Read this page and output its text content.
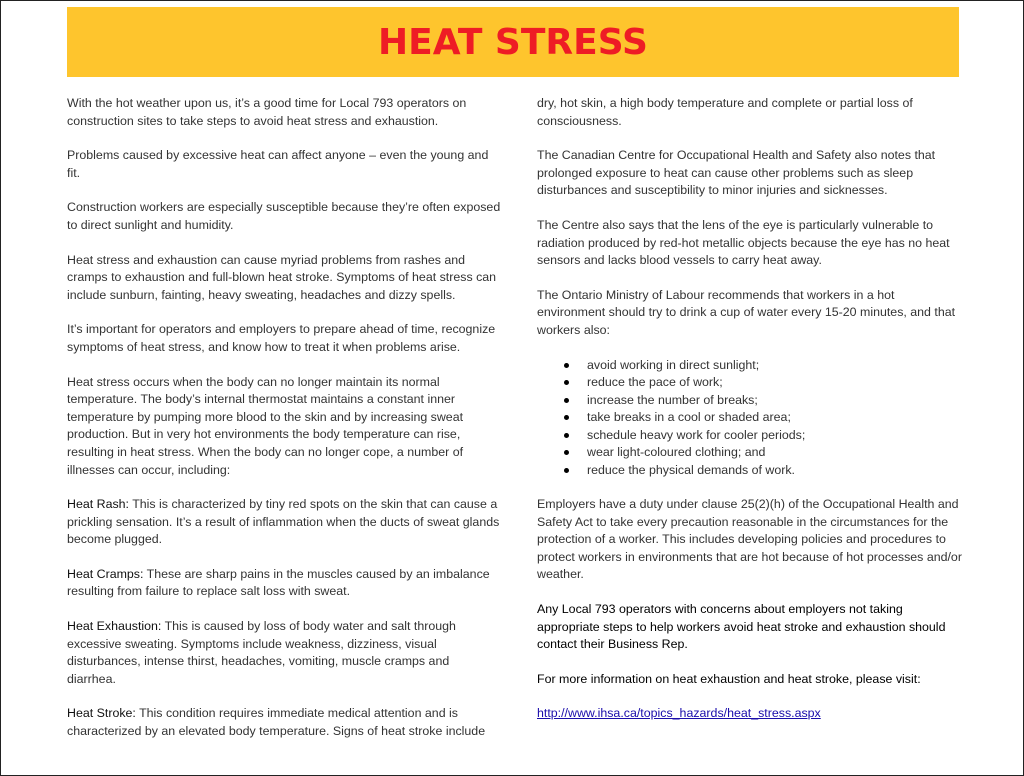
HEAT STRESS

With the hot weather upon us, it’s a good time for Local 793 operators on construction sites to take steps to avoid heat stress and exhaustion.

Problems caused by excessive heat can affect anyone – even the young and fit.

Construction workers are especially susceptible because they’re often exposed to direct sunlight and humidity.

Heat stress and exhaustion can cause myriad problems from rashes and cramps to exhaustion and full-blown heat stroke. Symptoms of heat stress can include sunburn, fainting, heavy sweating, headaches and dizzy spells.

It’s important for operators and employers to prepare ahead of time, recognize symptoms of heat stress, and know how to treat it when problems arise.

Heat stress occurs when the body can no longer maintain its normal temperature. The body’s internal thermostat maintains a constant inner temperature by pumping more blood to the skin and by increasing sweat production. But in very hot environments the body temperature can rise, resulting in heat stress. When the body can no longer cope, a number of illnesses can occur, including:

Heat Rash: This is characterized by tiny red spots on the skin that can cause a prickling sensation. It’s a result of inflammation when the ducts of sweat glands become plugged.

Heat Cramps: These are sharp pains in the muscles caused by an imbalance resulting from failure to replace salt loss with sweat.

Heat Exhaustion: This is caused by loss of body water and salt through excessive sweating. Symptoms include weakness, dizziness, visual disturbances, intense thirst, headaches, vomiting, muscle cramps and diarrhea.

Heat Stroke: This condition requires immediate medical attention and is characterized by an elevated body temperature. Signs of heat stroke include

dry, hot skin, a high body temperature and complete or partial loss of consciousness.

The Canadian Centre for Occupational Health and Safety also notes that prolonged exposure to heat can cause other problems such as sleep disturbances and susceptibility to minor injuries and sicknesses.

The Centre also says that the lens of the eye is particularly vulnerable to radiation produced by red-hot metallic objects because the eye has no heat sensors and lacks blood vessels to carry heat away.

The Ontario Ministry of Labour recommends that workers in a hot environment should try to drink a cup of water every 15-20 minutes, and that workers also:

avoid working in direct sunlight;
reduce the pace of work;
increase the number of breaks;
take breaks in a cool or shaded area;
schedule heavy work for cooler periods;
wear light-coloured clothing; and
reduce the physical demands of work.

Employers have a duty under clause 25(2)(h) of the Occupational Health and Safety Act to take every precaution reasonable in the circumstances for the protection of a worker. This includes developing policies and procedures to protect workers in environments that are hot because of hot processes and/or weather.

Any Local 793 operators with concerns about employers not taking appropriate steps to help workers avoid heat stroke and exhaustion should contact their Business Rep.

For more information on heat exhaustion and heat stroke, please visit:

http://www.ihsa.ca/topics_hazards/heat_stress.aspx
